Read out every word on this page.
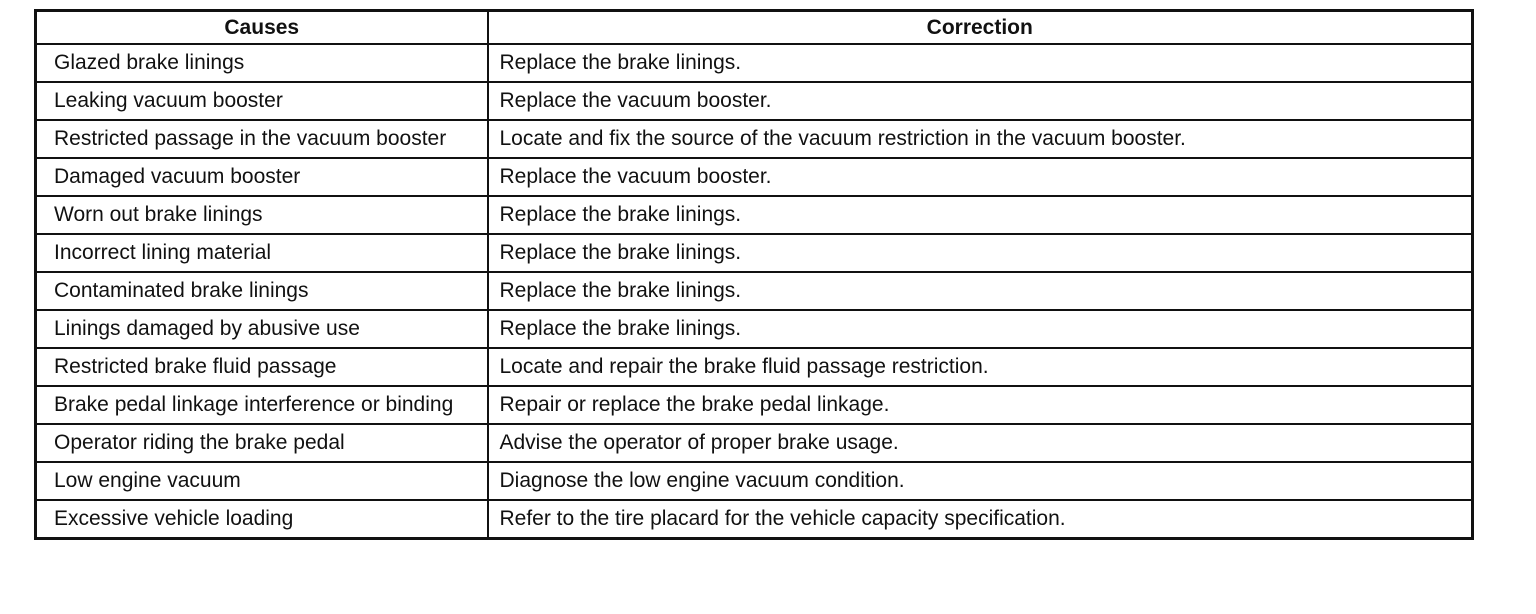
Causes	Correction
Glazed brake linings	Replace the brake linings.
Leaking vacuum booster	Replace the vacuum booster.
Restricted passage in the vacuum booster	Locate and fix the source of the vacuum restriction in the vacuum booster.
Damaged vacuum booster	Replace the vacuum booster.
Worn out brake linings	Replace the brake linings.
Incorrect lining material	Replace the brake linings.
Contaminated brake linings	Replace the brake linings.
Linings damaged by abusive use	Replace the brake linings.
Restricted brake fluid passage	Locate and repair the brake fluid passage restriction.
Brake pedal linkage interference or binding	Repair or replace the brake pedal linkage.
Operator riding the brake pedal	Advise the operator of proper brake usage.
Low engine vacuum	Diagnose the low engine vacuum condition.
Excessive vehicle loading	Refer to the tire placard for the vehicle capacity specification.
